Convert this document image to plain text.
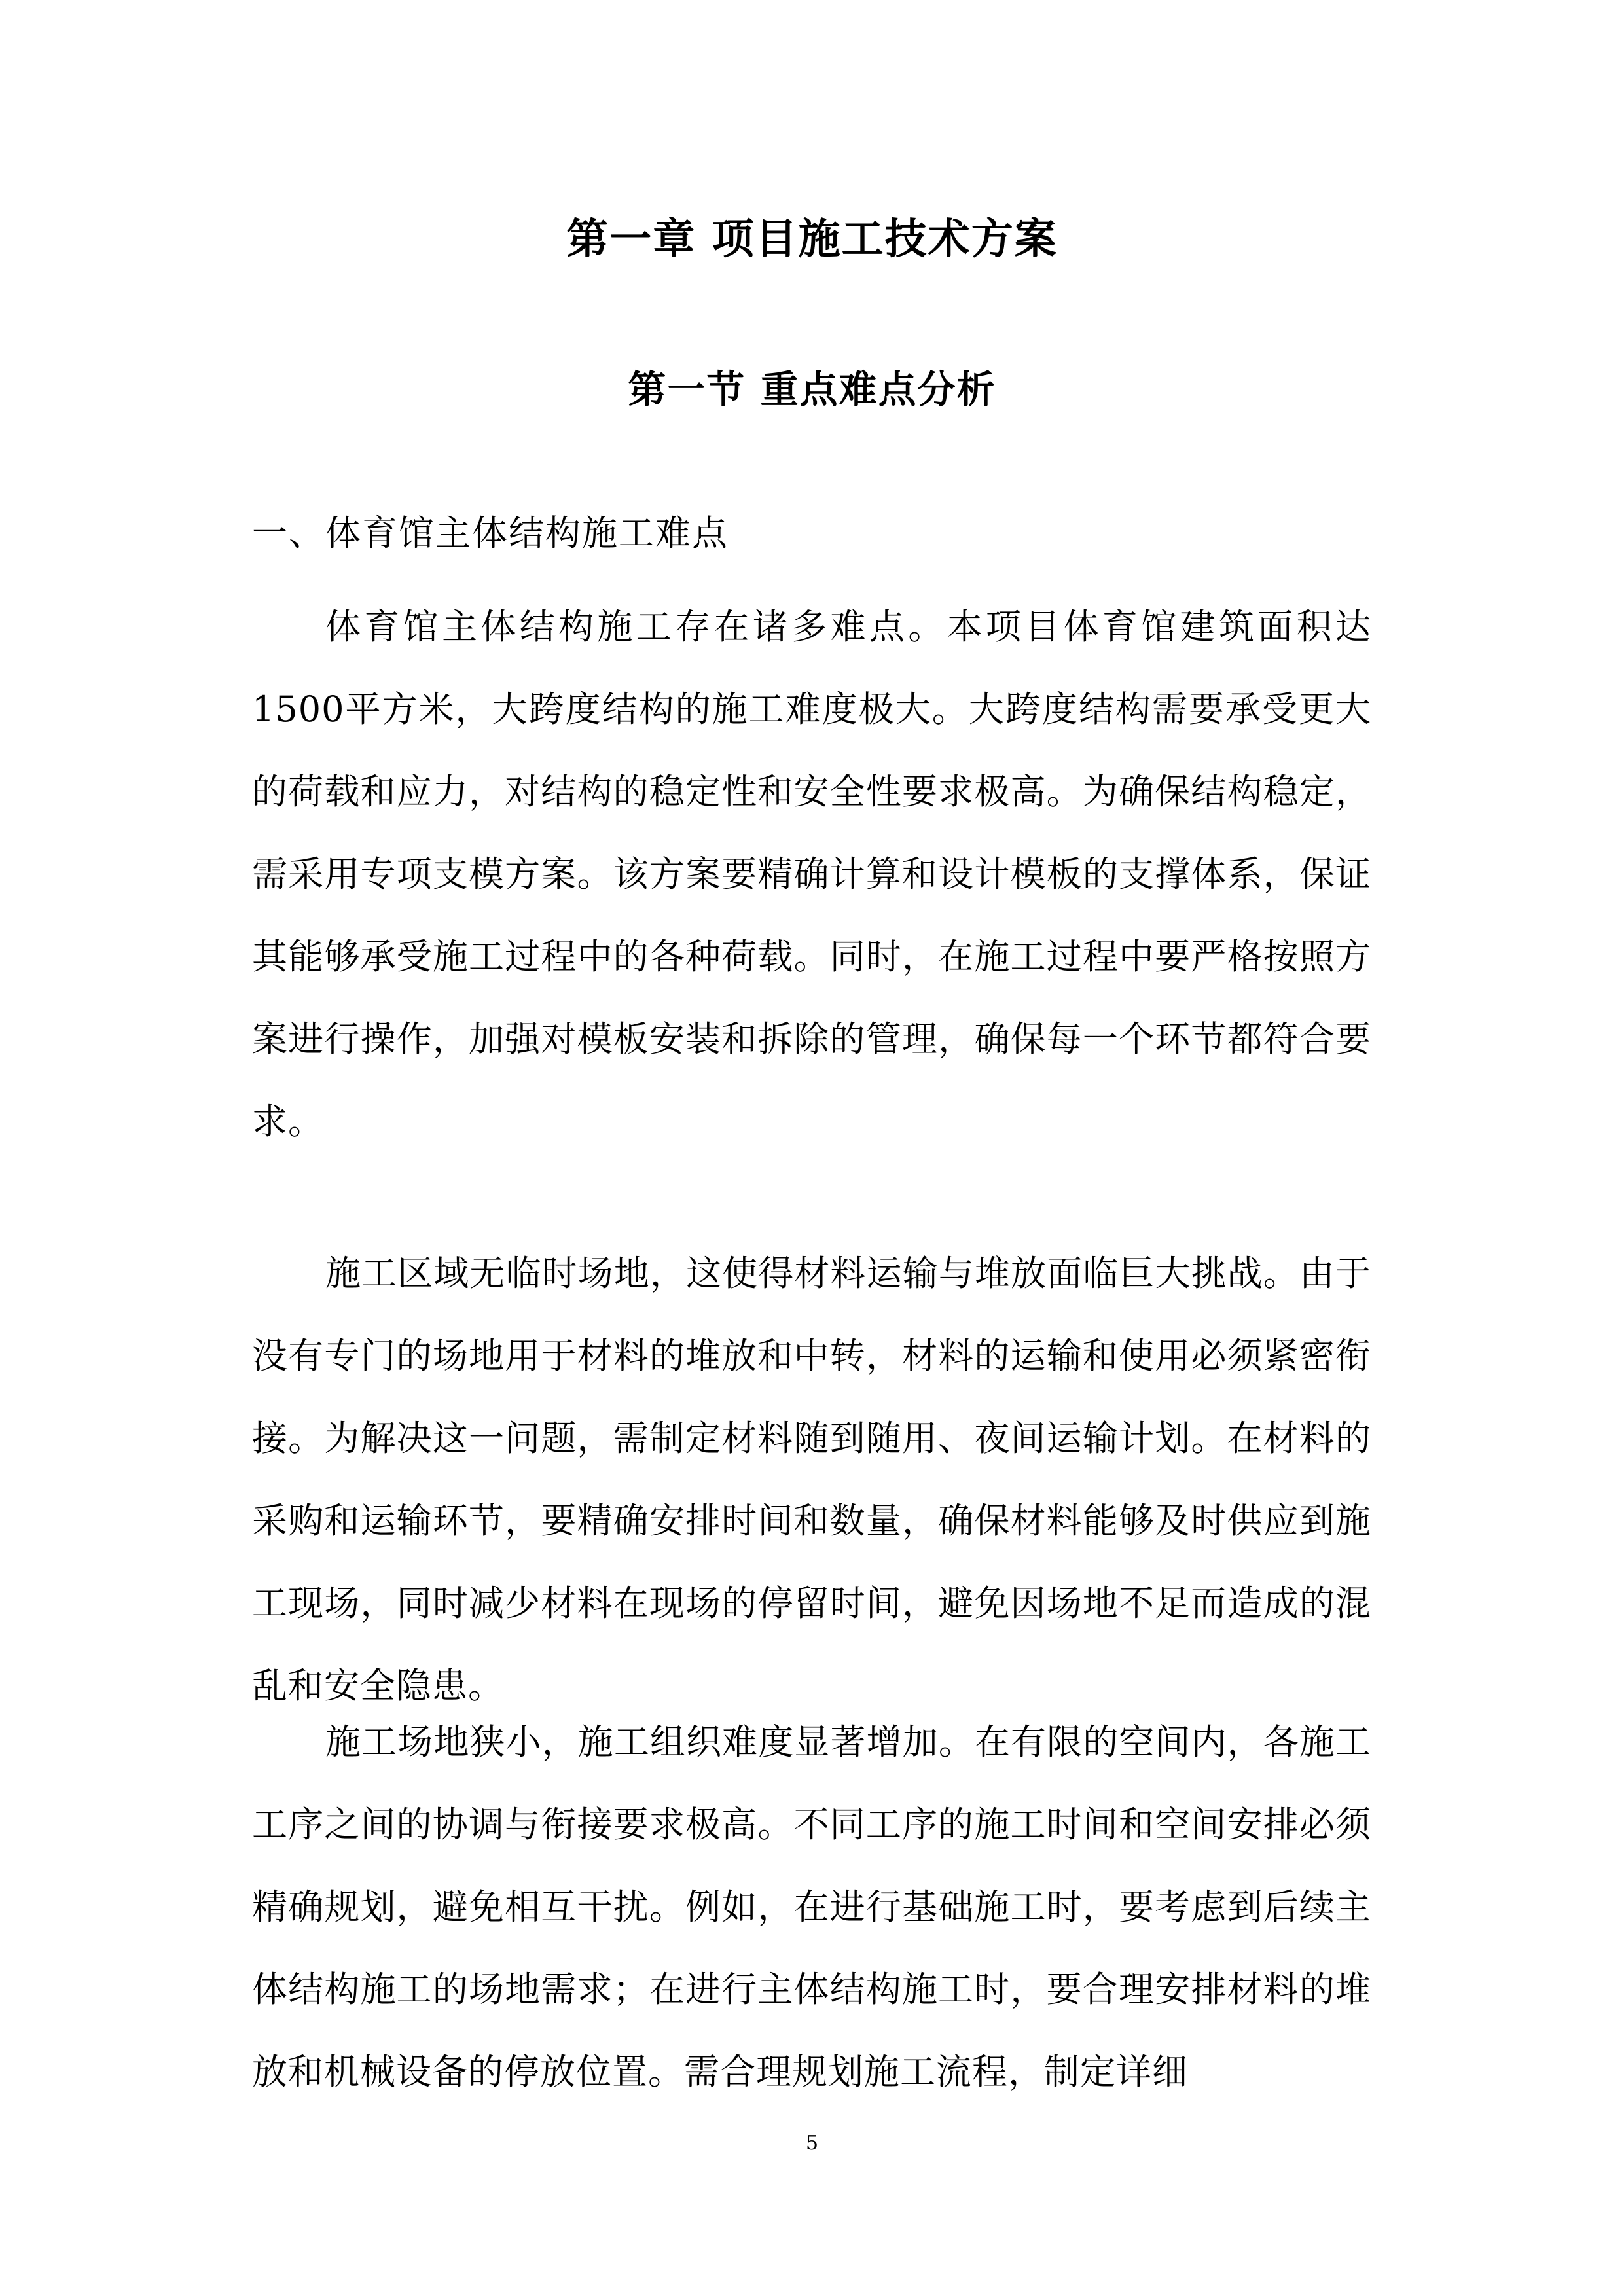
第一章 项目施工技术方案
第一节 重点难点分析
一、体育馆主体结构施工难点

体育馆主体结构施工存在诸多难点。本项目体育馆建筑面积达1500平方米，大跨度结构的施工难度极大。大跨度结构需要承受更大的荷载和应力，对结构的稳定性和安全性要求极高。为确保结构稳定，需采用专项支模方案。该方案要精确计算和设计模板的支撑体系，保证其能够承受施工过程中的各种荷载。同时，在施工过程中要严格按照方案进行操作，加强对模板安装和拆除的管理，确保每一个环节都符合要求。

施工区域无临时场地，这使得材料运输与堆放面临巨大挑战。由于没有专门的场地用于材料的堆放和中转，材料的运输和使用必须紧密衔接。为解决这一问题，需制定材料随到随用、夜间运输计划。在材料的采购和运输环节，要精确安排时间和数量，确保材料能够及时供应到施工现场，同时减少材料在现场的停留时间，避免因场地不足而造成的混乱和安全隐患。

施工场地狭小，施工组织难度显著增加。在有限的空间内，各施工工序之间的协调与衔接要求极高。不同工序的施工时间和空间安排必须精确规划，避免相互干扰。例如，在进行基础施工时，要考虑到后续主体结构施工的场地需求；在进行主体结构施工时，要合理安排材料的堆放和机械设备的停放位置。需合理规划施工流程，制定详细

5
